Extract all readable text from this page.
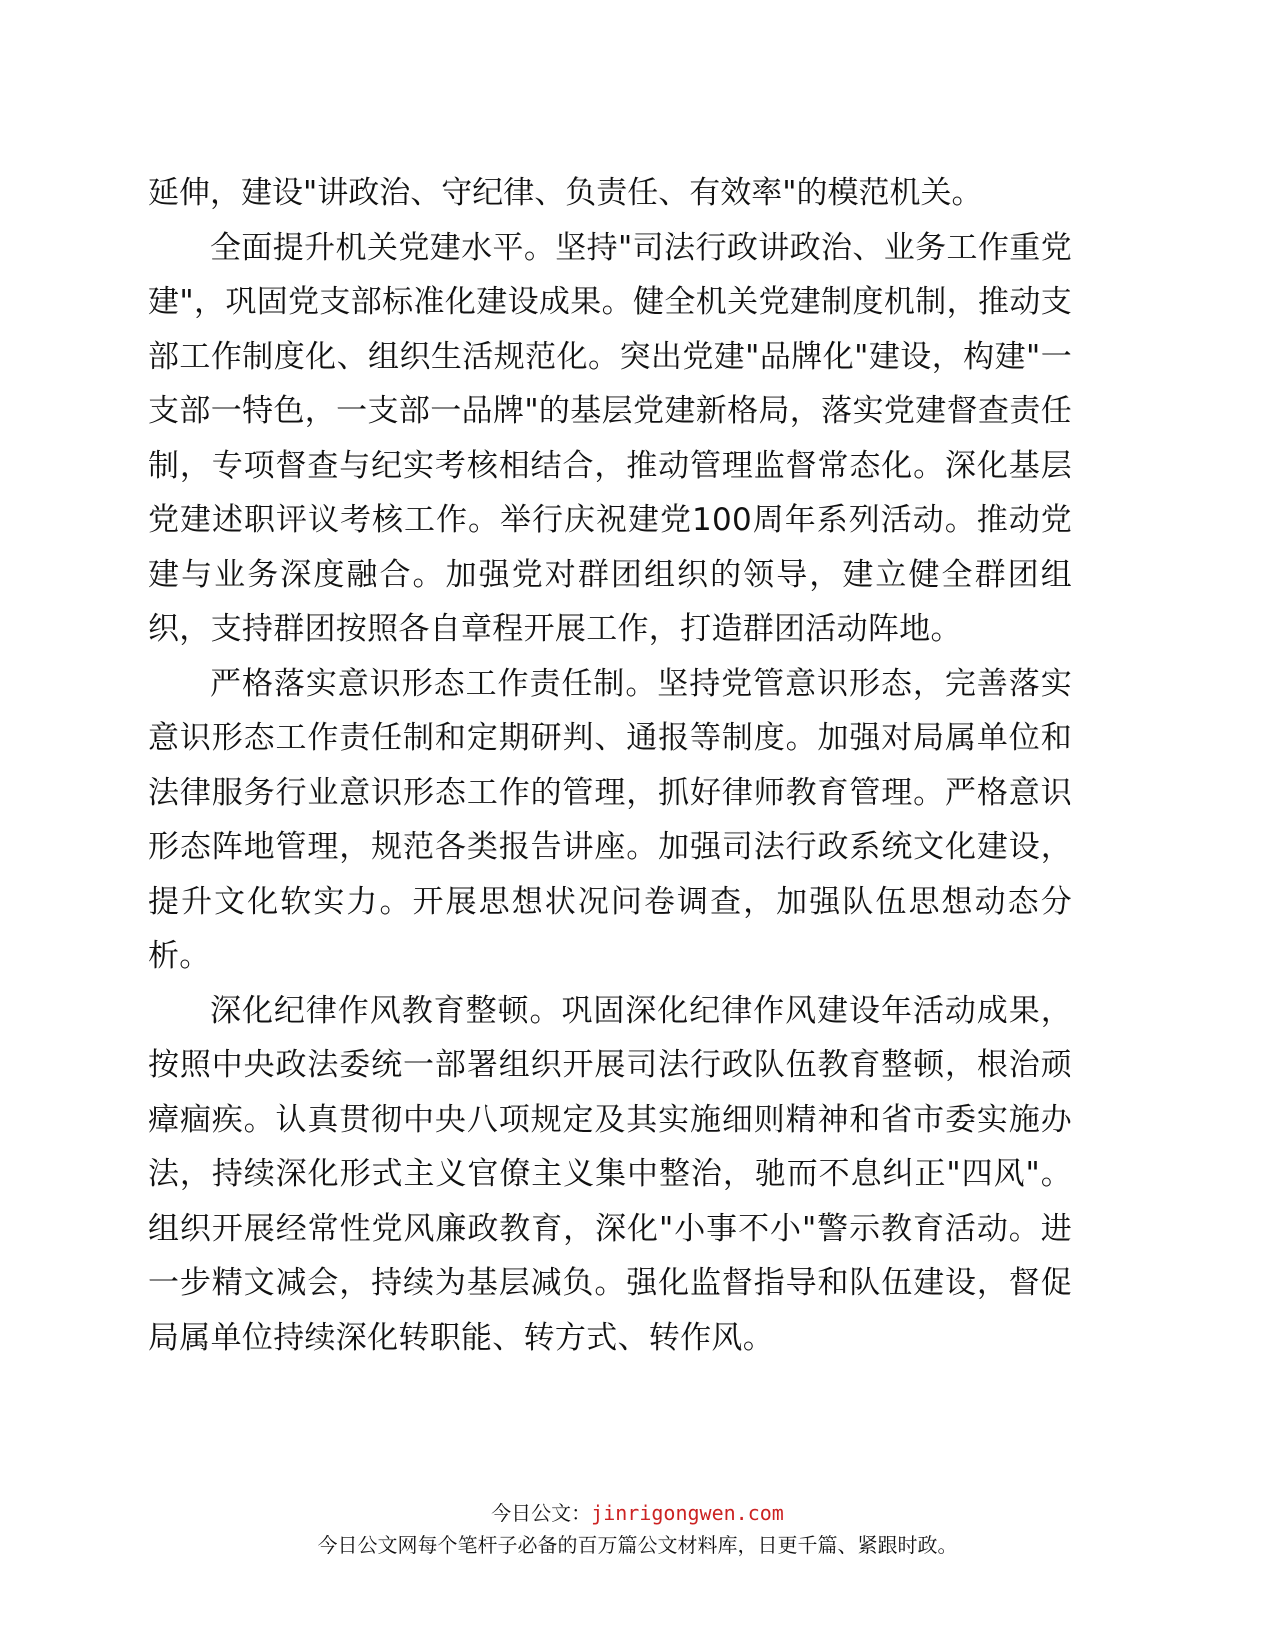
延伸，建设"讲政治、守纪律、负责任、有效率"的模范机关。

全面提升机关党建水平。坚持"司法行政讲政治、业务工作重党建"，巩固党支部标准化建设成果。健全机关党建制度机制，推动支部工作制度化、组织生活规范化。突出党建"品牌化"建设，构建"一支部一特色，一支部一品牌"的基层党建新格局，落实党建督查责任制，专项督查与纪实考核相结合，推动管理监督常态化。深化基层党建述职评议考核工作。举行庆祝建党100周年系列活动。推动党建与业务深度融合。加强党对群团组织的领导，建立健全群团组织，支持群团按照各自章程开展工作，打造群团活动阵地。

严格落实意识形态工作责任制。坚持党管意识形态，完善落实意识形态工作责任制和定期研判、通报等制度。加强对局属单位和法律服务行业意识形态工作的管理，抓好律师教育管理。严格意识形态阵地管理，规范各类报告讲座。加强司法行政系统文化建设，提升文化软实力。开展思想状况问卷调查，加强队伍思想动态分析。

深化纪律作风教育整顿。巩固深化纪律作风建设年活动成果，按照中央政法委统一部署组织开展司法行政队伍教育整顿，根治顽瘴痼疾。认真贯彻中央八项规定及其实施细则精神和省市委实施办法，持续深化形式主义官僚主义集中整治，驰而不息纠正"四风"。组织开展经常性党风廉政教育，深化"小事不小"警示教育活动。进一步精文减会，持续为基层减负。强化监督指导和队伍建设，督促局属单位持续深化转职能、转方式、转作风。

今日公文：jinrigongwen.com
今日公文网每个笔杆子必备的百万篇公文材料库，日更千篇、紧跟时政。
